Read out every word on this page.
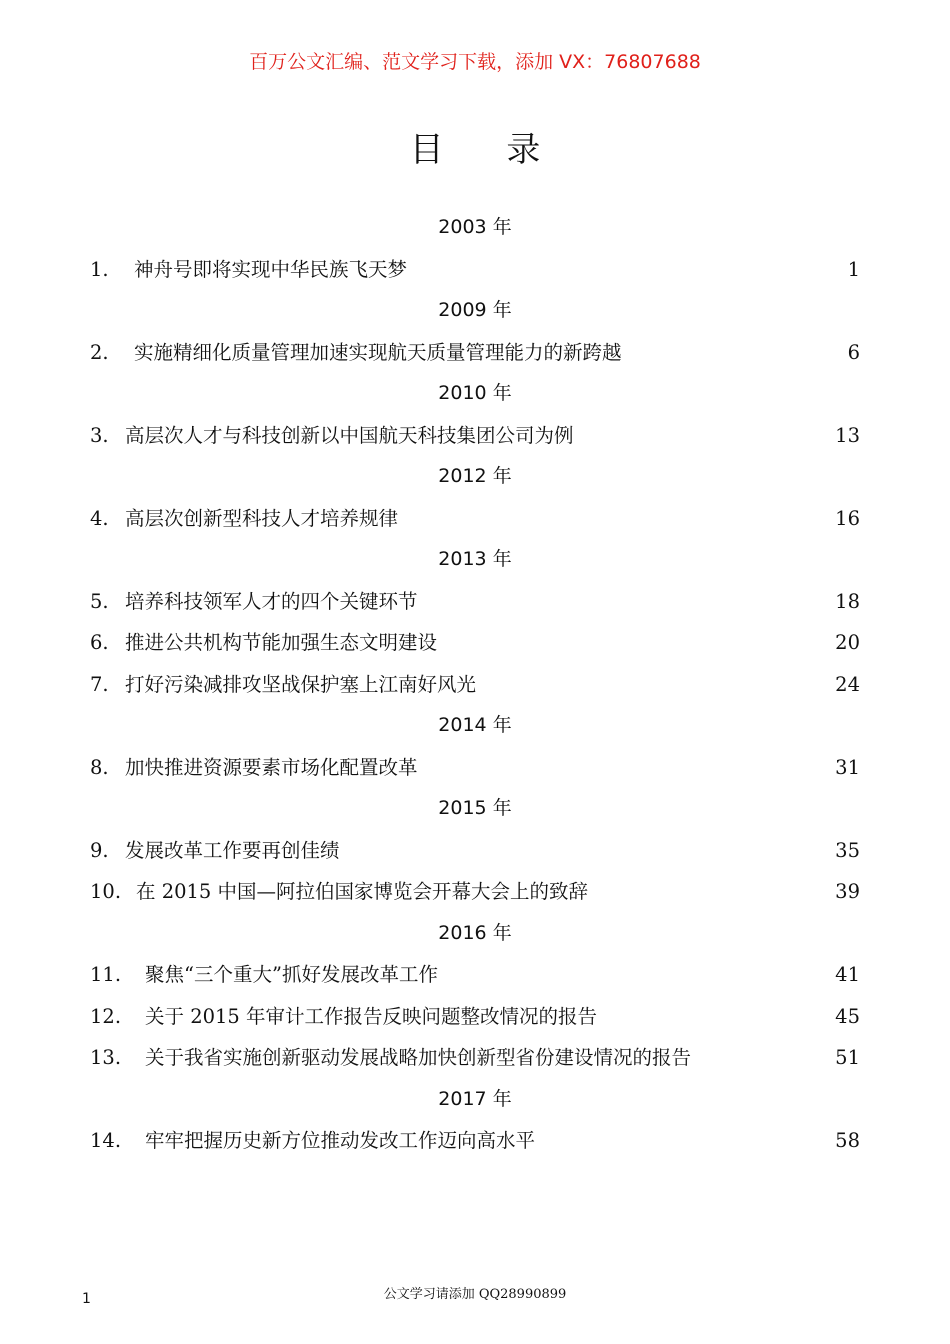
百万公文汇编、范文学习下载，添加 VX：76807688
目 录
2003 年
1. 神舟号即将实现中华民族飞天梦	1
2009 年
2. 实施精细化质量管理加速实现航天质量管理能力的新跨越	6
2010 年
3. 高层次人才与科技创新以中国航天科技集团公司为例	13
2012 年
4. 高层次创新型科技人才培养规律	16
2013 年
5. 培养科技领军人才的四个关键环节	18
6. 推进公共机构节能加强生态文明建设	20
7. 打好污染减排攻坚战保护塞上江南好风光	24
2014 年
8. 加快推进资源要素市场化配置改革	31
2015 年
9. 发展改革工作要再创佳绩	35
10. 在 2015 中国—阿拉伯国家博览会开幕大会上的致辞	39
2016 年
11. 聚焦“三个重大”抓好发展改革工作	41
12. 关于 2015 年审计工作报告反映问题整改情况的报告	45
13. 关于我省实施创新驱动发展战略加快创新型省份建设情况的报告	51
2017 年
14. 牢牢把握历史新方位推动发改工作迈向高水平	58
1	公文学习请添加 QQ28990899
